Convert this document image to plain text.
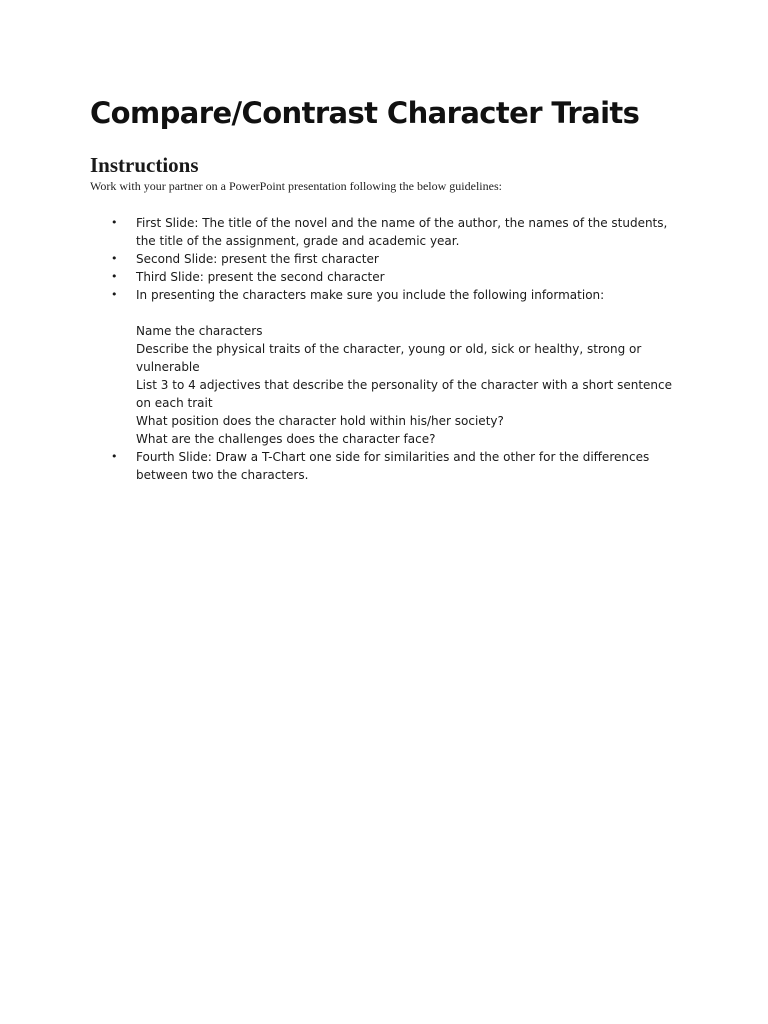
Compare/Contrast Character Traits
Instructions

Work with your partner on a PowerPoint presentation following the below guidelines:

• First Slide: The title of the novel and the name of the author, the names of the students, the title of the assignment, grade and academic year.
• Second Slide: present the first character
• Third Slide: present the second character
• In presenting the characters make sure you include the following information:
Name the characters
Describe the physical traits of the character, young or old, sick or healthy, strong or vulnerable
List 3 to 4 adjectives that describe the personality of the character with a short sentence on each trait
What position does the character hold within his/her society?
What are the challenges does the character face?
• Fourth Slide: Draw a T-Chart one side for similarities and the other for the differences between two the characters.
